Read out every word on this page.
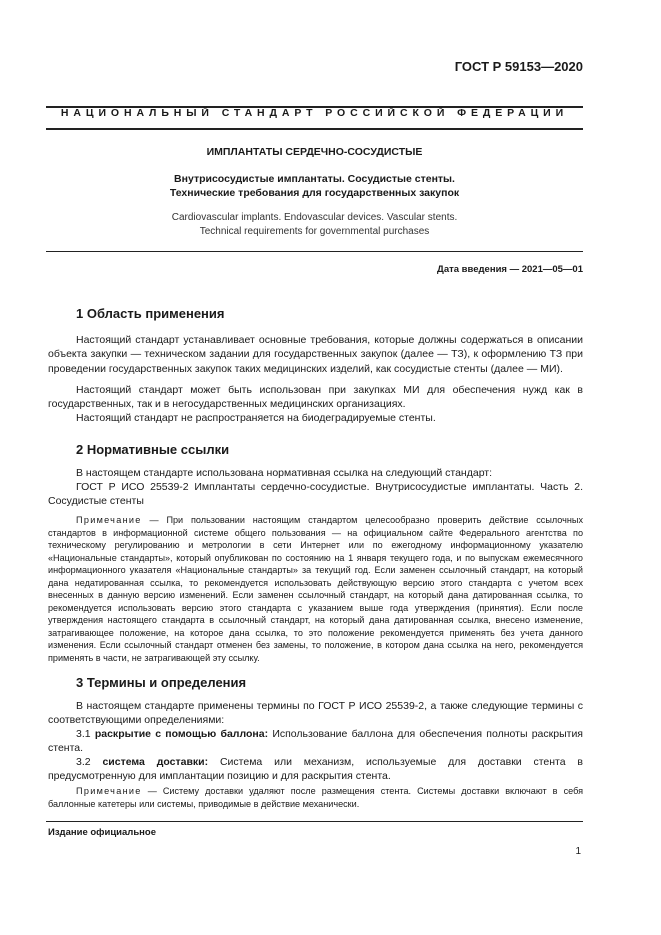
ГОСТ Р 59153—2020
НАЦИОНАЛЬНЫЙ СТАНДАРТ РОССИЙСКОЙ ФЕДЕРАЦИИ
ИМПЛАНТАТЫ СЕРДЕЧНО-СОСУДИСТЫЕ
Внутрисосудистые имплантаты. Сосудистые стенты.
Технические требования для государственных закупок
Cardiovascular implants. Endovascular devices. Vascular stents.
Technical requirements for governmental purchases
Дата введения — 2021—05—01
1 Область применения
Настоящий стандарт устанавливает основные требования, которые должны содержаться в описании объекта закупки — техническом задании для государственных закупок (далее — ТЗ), к оформлению ТЗ при проведении государственных закупок таких медицинских изделий, как сосудистые стенты (далее — МИ).
Настоящий стандарт может быть использован при закупках МИ для обеспечения нужд как в государственных, так и в негосударственных медицинских организациях.
Настоящий стандарт не распространяется на биодеградируемые стенты.
2 Нормативные ссылки
В настоящем стандарте использована нормативная ссылка на следующий стандарт:
ГОСТ Р ИСО 25539-2 Имплантаты сердечно-сосудистые. Внутрисосудистые имплантаты. Часть 2. Сосудистые стенты
Примечание — При пользовании настоящим стандартом целесообразно проверить действие ссылочных стандартов в информационной системе общего пользования — на официальном сайте Федерального агентства по техническому регулированию и метрологии в сети Интернет или по ежегодному информационному указателю «Национальные стандарты», который опубликован по состоянию на 1 января текущего года, и по выпускам ежемесячного информационного указателя «Национальные стандарты» за текущий год. Если заменен ссылочный стандарт, на который дана недатированная ссылка, то рекомендуется использовать действующую версию этого стандарта с учетом всех внесенных в данную версию изменений. Если заменен ссылочный стандарт, на который дана датированная ссылка, то рекомендуется использовать версию этого стандарта с указанием выше года утверждения (принятия). Если после утверждения настоящего стандарта в ссылочный стандарт, на который дана датированная ссылка, внесено изменение, затрагивающее положение, на которое дана ссылка, то это положение рекомендуется применять без учета данного изменения. Если ссылочный стандарт отменен без замены, то положение, в котором дана ссылка на него, рекомендуется применять в части, не затрагивающей эту ссылку.
3 Термины и определения
В настоящем стандарте применены термины по ГОСТ Р ИСО 25539-2, а также следующие термины с соответствующими определениями:
3.1 раскрытие с помощью баллона: Использование баллона для обеспечения полноты раскрытия стента.
3.2 система доставки: Система или механизм, используемые для доставки стента в предусмотренную для имплантации позицию и для раскрытия стента.
Примечание — Систему доставки удаляют после размещения стента. Системы доставки включают в себя баллонные катетеры или системы, приводимые в действие механически.
Издание официальное
1
